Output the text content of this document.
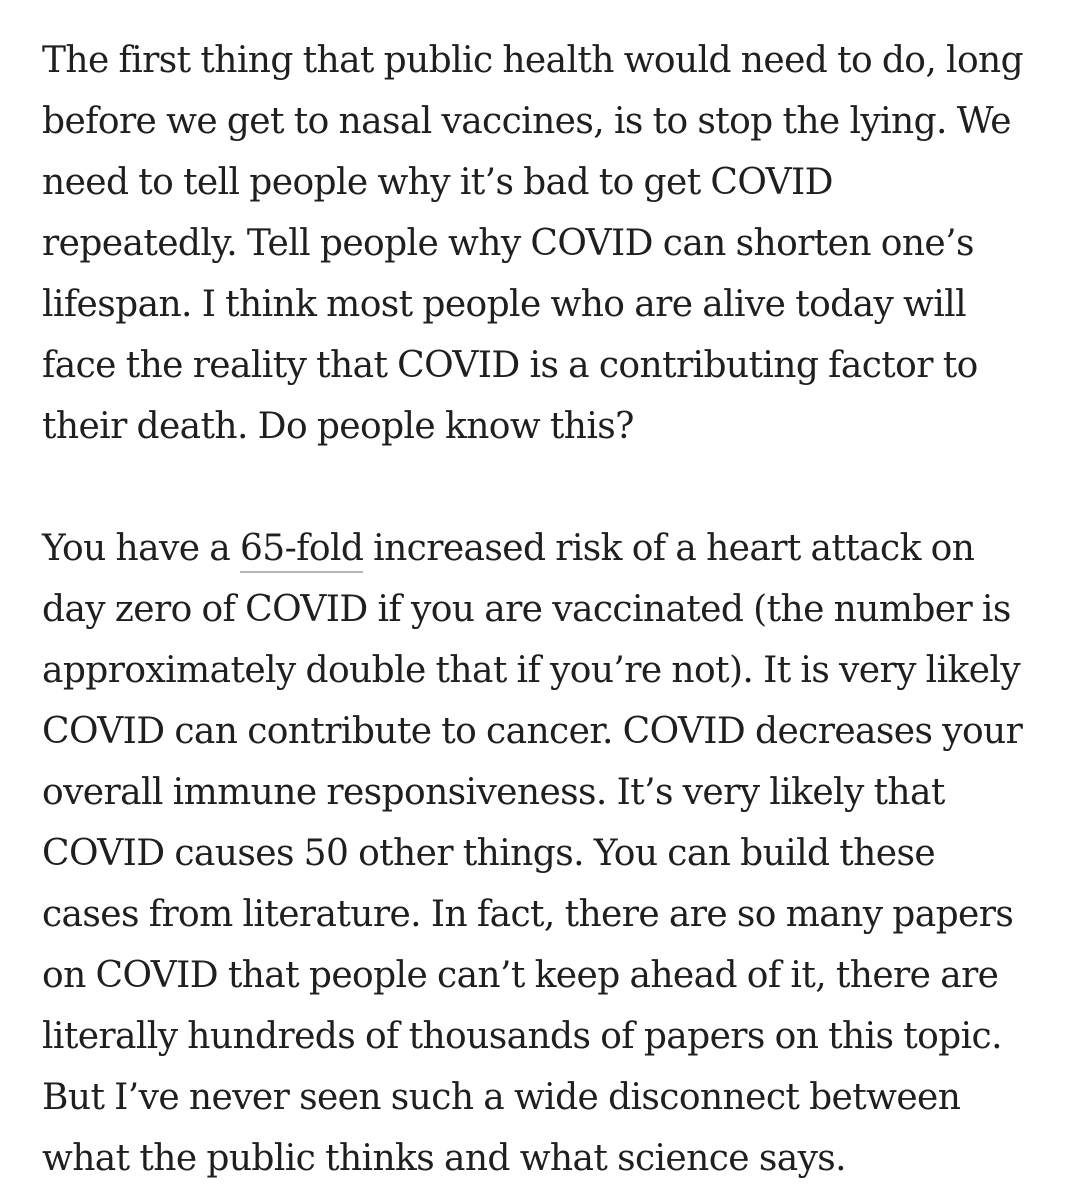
The first thing that public health would need to do, long
before we get to nasal vaccines, is to stop the lying. We
need to tell people why it’s bad to get COVID
repeatedly. Tell people why COVID can shorten one’s
lifespan. I think most people who are alive today will
face the reality that COVID is a contributing factor to
their death. Do people know this?
You have a 65-fold increased risk of a heart attack on
day zero of COVID if you are vaccinated (the number is
approximately double that if you’re not). It is very likely
COVID can contribute to cancer. COVID decreases your
overall immune responsiveness. It’s very likely that
COVID causes 50 other things. You can build these
cases from literature. In fact, there are so many papers
on COVID that people can’t keep ahead of it, there are
literally hundreds of thousands of papers on this topic.
But I’ve never seen such a wide disconnect between
what the public thinks and what science says.
